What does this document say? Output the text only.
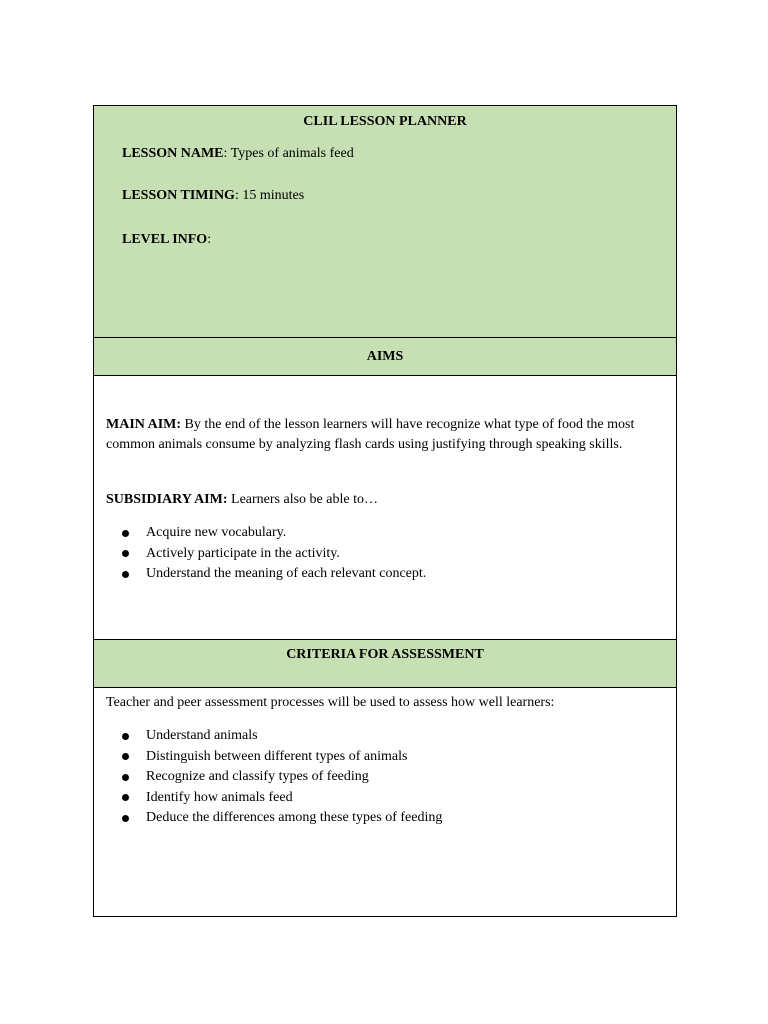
CLIL LESSON PLANNER
LESSON NAME: Types of animals feed
LESSON TIMING: 15 minutes
LEVEL INFO:
AIMS
MAIN AIM: By the end of the lesson learners will have recognize what type of food the most common animals consume by analyzing flash cards using justifying through speaking skills.
SUBSIDIARY AIM: Learners also be able to…
Acquire new vocabulary.
Actively participate in the activity.
Understand the meaning of each relevant concept.
CRITERIA FOR ASSESSMENT
Teacher and peer assessment processes will be used to assess how well learners:
Understand animals
Distinguish between different types of animals
Recognize and classify types of feeding
Identify how animals feed
Deduce the differences among these types of feeding
